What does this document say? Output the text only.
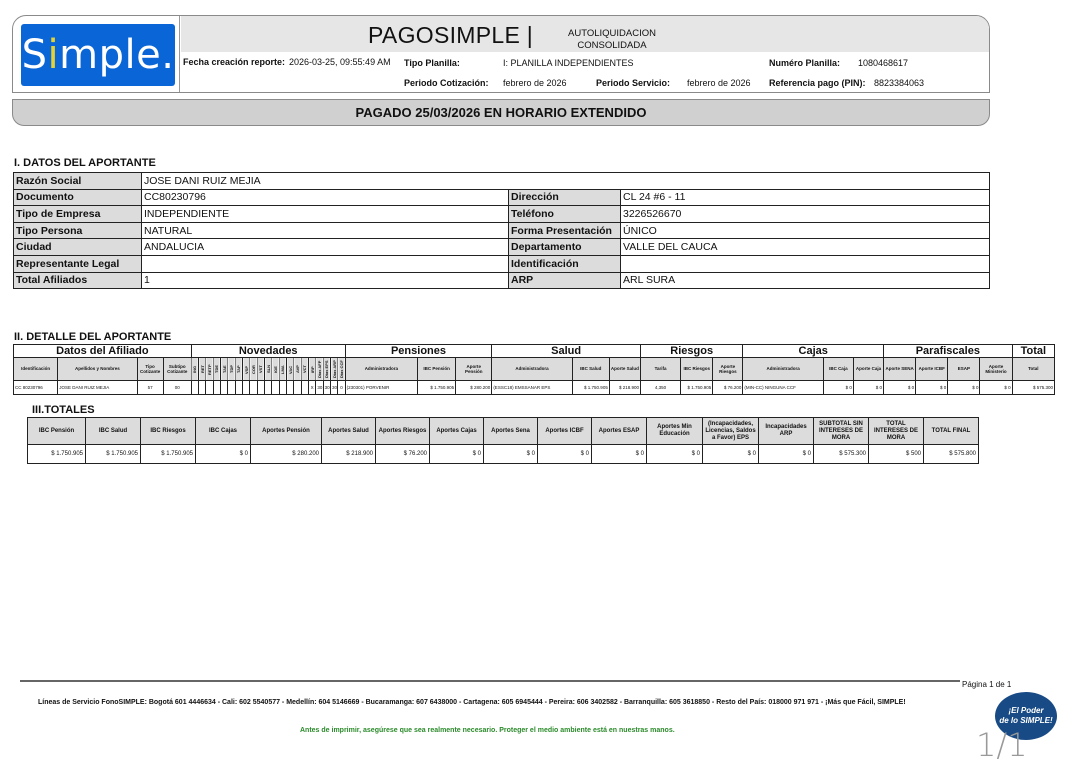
Simple.	PAGOSIMPLE |	AUTOLIQUIDACION
CONSOLIDADA
Fecha creación reporte: 2026-03-25, 09:55:49 AM Tipo Planilla:	I: PLANILLA INDEPENDIENTES	Numéro Planilla: 1080468617
Periodo Cotización: febrero de 2026	Periodo Servicio: febrero de 2026 Referencia pago (PIN): 8823384063
PAGADO 25/03/2026 EN HORARIO EXTENDIDO
I. DATOS DEL APORTANTE
Razón Social	JOSE DANI RUIZ MEJIA		
Documento	CC80230796	Dirección	CL 24 #6 - 11
Tipo de Empresa	INDEPENDIENTE	Teléfono	3226526670
Tipo Persona	NATURAL	Forma Presentación	ÚNICO
Ciudad	ANDALUCIA	Departamento	VALLE DEL CAUCA
Representante Legal		Identificación	
Total Afiliados	1	ARP	ARL SURA
II. DETALLE DEL APORTANTE
Datos del Afiliado				Novedades																					Pensiones			Salud			Riesgos			Cajas			Parafiscales				Total
Identificación	Apellidos y Nombres	Tipo Cotizante	Subtipo Cotizante	ING	RET	RETP	TDE	TAE	TDP	TAP	VSP	COR	VST	SLN	IGE	LMA	VAC	AVP	VCT	IRP	Días AFP	Días EPS	Días ARP	Días CCF	Administradora	IBC Pensión	Aporte Pensión	Administradora	IBC Salud	Aporte Salud	Tarifa	IBC Riesgos	Aporte Riesgos	Administradora	IBC Caja	Aporte Caja	Aporte SENA	Aporte ICBF	ESAP	Aporte Ministerio	Total
CC 80230796	JOSE DANI RUIZ MEJIA	57	00																	X	30	30	30	0	(230301) PORVENIR	$ 1.750.905	$ 280.200	(ESSC18) EMSSANAR EPS	$ 1.750.905	$ 218.900	4,350	$ 1.750.905	$ 76.200	(MIN-CC) NINGUNA CCF	$ 0	$ 0	$ 0	$ 0	$ 0	$ 0	$ 575.300
III.TOTALES
IBC Pensión	IBC Salud	IBC Riesgos	IBC Cajas	Aportes Pensión	Aportes Salud	Aportes Riesgos	Aportes Cajas	Aportes Sena	Aportes ICBF	Aportes ESAP	Aportes Min Educación	(Incapacidades, Licencias, Saldos a Favor) EPS	Incapacidades ARP	SUBTOTAL SIN INTERESES DE MORA	TOTAL INTERESES DE MORA	TOTAL FINAL
$ 1.750.905	$ 1.750.905	$ 1.750.905	$ 0	$ 280.200	$ 218.900	$ 76.200	$ 0	$ 0	$ 0	$ 0	$ 0	$ 0	$ 0	$ 575.300	$ 500	$ 575.800
Página 1 de 1
Líneas de Servicio FonoSIMPLE: Bogotá 601 4446634 - Cali: 602 5540577 - Medellín: 604 5146669 - Bucaramanga: 607 6438000 - Cartagena: 605 6945444 - Pereira: 606 3402582 - Barranquilla: 605 3618850 - Resto del País: 018000 971 971 - ¡Más que Fácil, SIMPLE!
Antes de imprimir, asegúrese que sea realmente necesario. Proteger el medio ambiente está en nuestras manos.
¡El Poder
de lo SIMPLE!
1/1
